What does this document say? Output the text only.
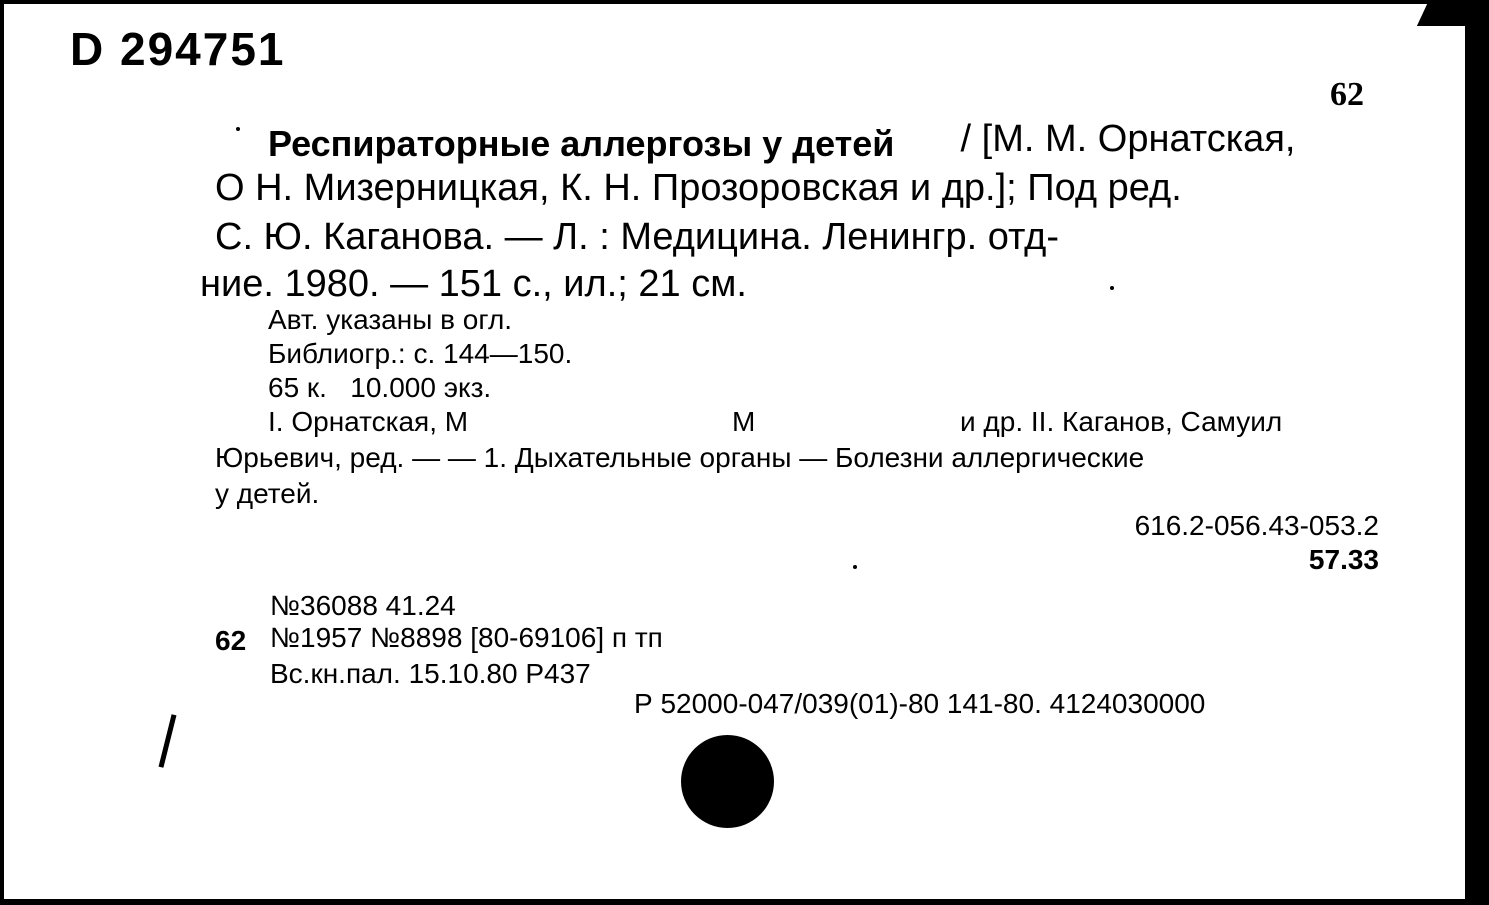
D 294751
62
Респираторные аллергозы у детей / [М. М. Орнатская,
О Н. Мизерницкая, К. Н. Прозоровская и др.]; Под ред.
С. Ю. Каганова. — Л. : Медицина. Ленингр. отд-
ние. 1980. — 151 с., ил.; 21 см.
Авт. указаны в огл.
Библиогр.: с. 144—150.
65 к.   10.000 экз.
I. Орнатская, М	М	и др. II. Каганов, Самуил
Юрьевич, ред. — — 1. Дыхательные органы — Болезни аллергические
у детей.
616.2-056.43-053.2
57.33
№36088 41.24
62 №1957 №8898 [80-69106] п тп
Вс.кн.пал. 15.10.80 Р437
Р 52000-047/039(01)-80 141-80. 4124030000
